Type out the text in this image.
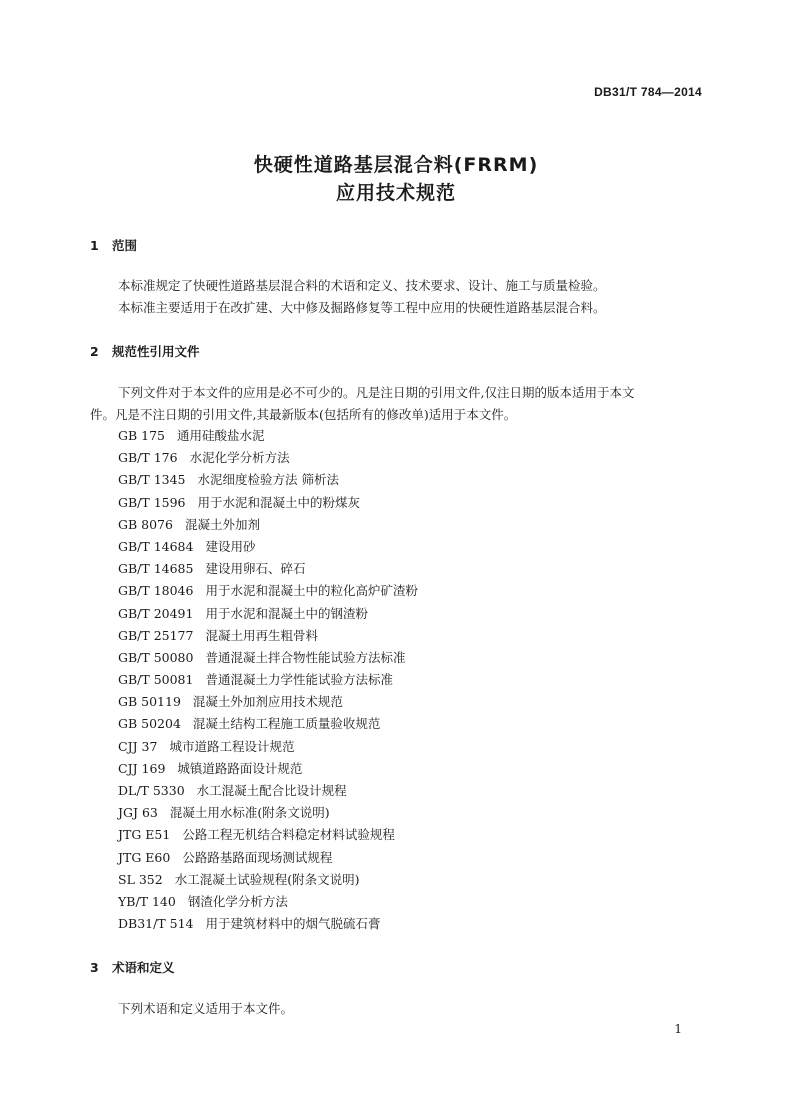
DB31/T 784—2014
快硬性道路基层混合料(FRRM)
应用技术规范
1 范围
本标准规定了快硬性道路基层混合料的术语和定义、技术要求、设计、施工与质量检验。
本标准主要适用于在改扩建、大中修及掘路修复等工程中应用的快硬性道路基层混合料。
2 规范性引用文件
下列文件对于本文件的应用是必不可少的。凡是注日期的引用文件,仅注日期的版本适用于本文
件。凡是不注日期的引用文件,其最新版本(包括所有的修改单)适用于本文件。
GB 175 通用硅酸盐水泥
GB/T 176 水泥化学分析方法
GB/T 1345 水泥细度检验方法 筛析法
GB/T 1596 用于水泥和混凝土中的粉煤灰
GB 8076 混凝土外加剂
GB/T 14684 建设用砂
GB/T 14685 建设用卵石、碎石
GB/T 18046 用于水泥和混凝土中的粒化高炉矿渣粉
GB/T 20491 用于水泥和混凝土中的钢渣粉
GB/T 25177 混凝土用再生粗骨料
GB/T 50080 普通混凝土拌合物性能试验方法标准
GB/T 50081 普通混凝土力学性能试验方法标准
GB 50119 混凝土外加剂应用技术规范
GB 50204 混凝土结构工程施工质量验收规范
CJJ 37 城市道路工程设计规范
CJJ 169 城镇道路路面设计规范
DL/T 5330 水工混凝土配合比设计规程
JGJ 63 混凝土用水标准(附条文说明)
JTG E51 公路工程无机结合料稳定材料试验规程
JTG E60 公路路基路面现场测试规程
SL 352 水工混凝土试验规程(附条文说明)
YB/T 140 钢渣化学分析方法
DB31/T 514 用于建筑材料中的烟气脱硫石膏
3 术语和定义
下列术语和定义适用于本文件。
1
